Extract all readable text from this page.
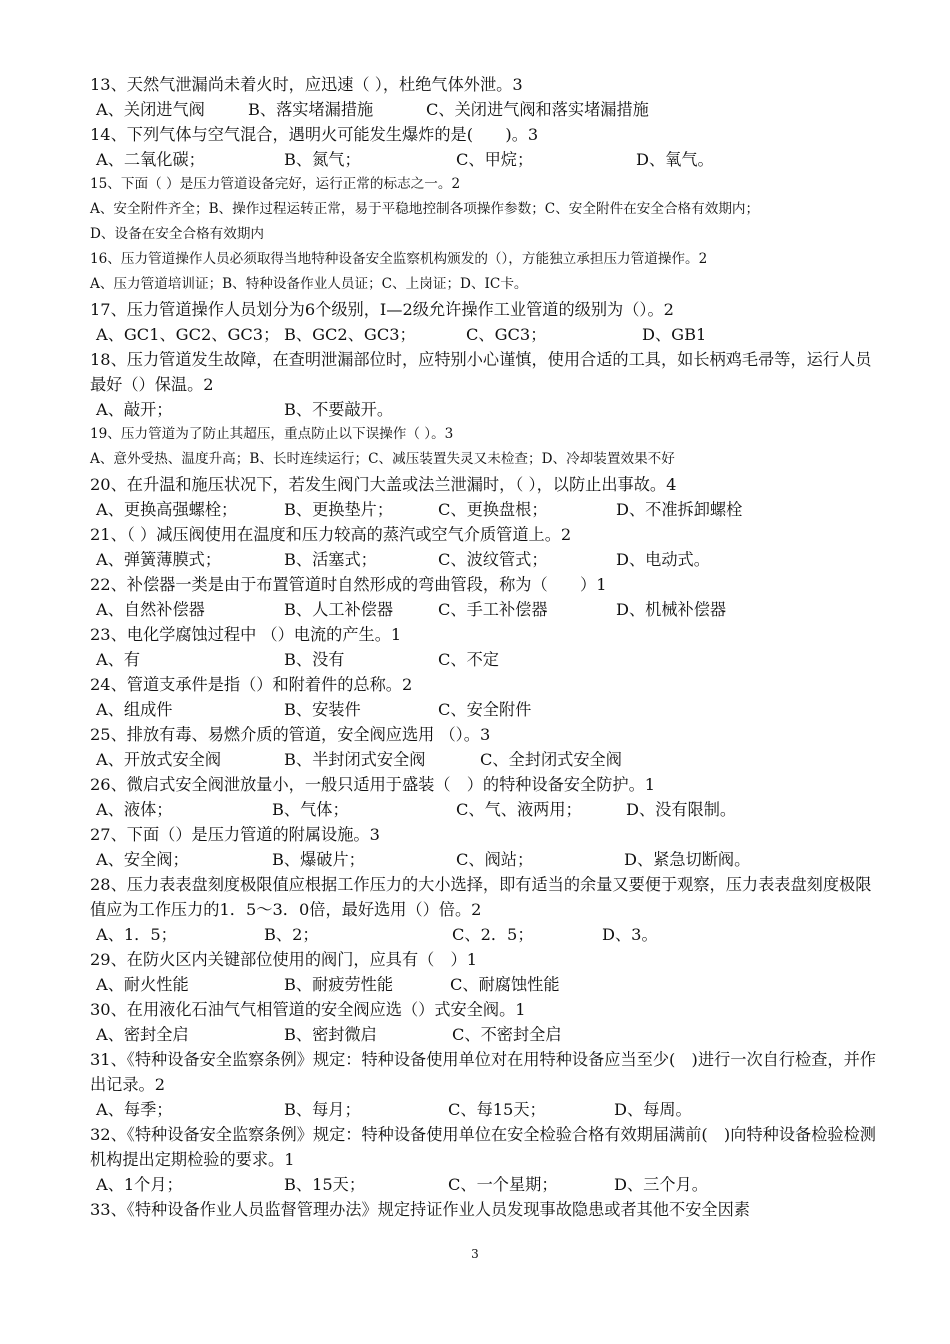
13、天然气泄漏尚未着火时，应迅速（ ），杜绝气体外泄。3
A、关闭进气阀	B、落实堵漏措施	C、关闭进气阀和落实堵漏措施
14、下列气体与空气混合，遇明火可能发生爆炸的是(　　)。3
A、二氧化碳；	B、氮气；	C、甲烷；	D、氧气。
15、下面（ ）是压力管道设备完好，运行正常的标志之一。2
A、安全附件齐全；B、操作过程运转正常，易于平稳地控制各项操作参数；C、安全附件在安全合格有效期内；
D、设备在安全合格有效期内
16、压力管道操作人员必须取得当地特种设备安全监察机构颁发的（），方能独立承担压力管道操作。2
A、压力管道培训证；B、特种设备作业人员证；C、上岗证；D、IC卡。
17、压力管道操作人员划分为6个级别，Ⅰ—2级允许操作工业管道的级别为（）。2
A、GC1、GC2、GC3； B、GC2、GC3；	C、GC3；	D、GB1
18、压力管道发生故障，在查明泄漏部位时，应特别小心谨慎，使用合适的工具，如长柄鸡毛帚等，运行人员最好（）保温。2
A、敲开；	B、不要敲开。
19、压力管道为了防止其超压，重点防止以下误操作（ ）。3
A、意外受热、温度升高；B、长时连续运行；C、减压装置失灵又未检查；D、冷却装置效果不好
20、在升温和施压状况下，若发生阀门大盖或法兰泄漏时，（ ），以防止出事故。4
A、更换高强螺栓；	B、更换垫片；	C、更换盘根；	D、不准拆卸螺栓
21、（ ）减压阀使用在温度和压力较高的蒸汽或空气介质管道上。2
A、弹簧薄膜式；	B、活塞式；	C、波纹管式；	D、电动式。
22、补偿器一类是由于布置管道时自然形成的弯曲管段，称为（　　）1
A、自然补偿器	B、人工补偿器	C、手工补偿器	D、机械补偿器
23、电化学腐蚀过程中 （）电流的产生。1
A、有	B、没有	C、不定
24、管道支承件是指（）和附着件的总称。2
A、组成件	B、安装件	C、安全附件
25、排放有毒、易燃介质的管道，安全阀应选用 （）。3
A、开放式安全阀	B、半封闭式安全阀	C、全封闭式安全阀
26、微启式安全阀泄放量小，一般只适用于盛装（　）的特种设备安全防护。1
A、液体；	B、气体；	C、气、液两用；	D、没有限制。
27、下面（）是压力管道的附属设施。3
A、安全阀；	B、爆破片；	C、阀站；	D、紧急切断阀。
28、压力表表盘刻度极限值应根据工作压力的大小选择，即有适当的余量又要便于观察，压力表表盘刻度极限值应为工作压力的1．5～3．0倍，最好选用（）倍。2
A、1．5；	B、2；	C、2．5；	D、3。
29、在防火区内关键部位使用的阀门，应具有（　）1
A、耐火性能	B、耐疲劳性能	C、耐腐蚀性能
30、在用液化石油气气相管道的安全阀应选（）式安全阀。1
A、密封全启	B、密封微启	C、不密封全启
31、《特种设备安全监察条例》规定：特种设备使用单位对在用特种设备应当至少(　)进行一次自行检查，并作出记录。2
A、每季；	B、每月；	C、每15天；	D、每周。
32、《特种设备安全监察条例》规定：特种设备使用单位在安全检验合格有效期届满前(　)向特种设备检验检测机构提出定期检验的要求。1
A、1个月；	B、15天；	C、一个星期；	D、三个月。
33、《特种设备作业人员监督管理办法》规定持证作业人员发现事故隐患或者其他不安全因素
3
